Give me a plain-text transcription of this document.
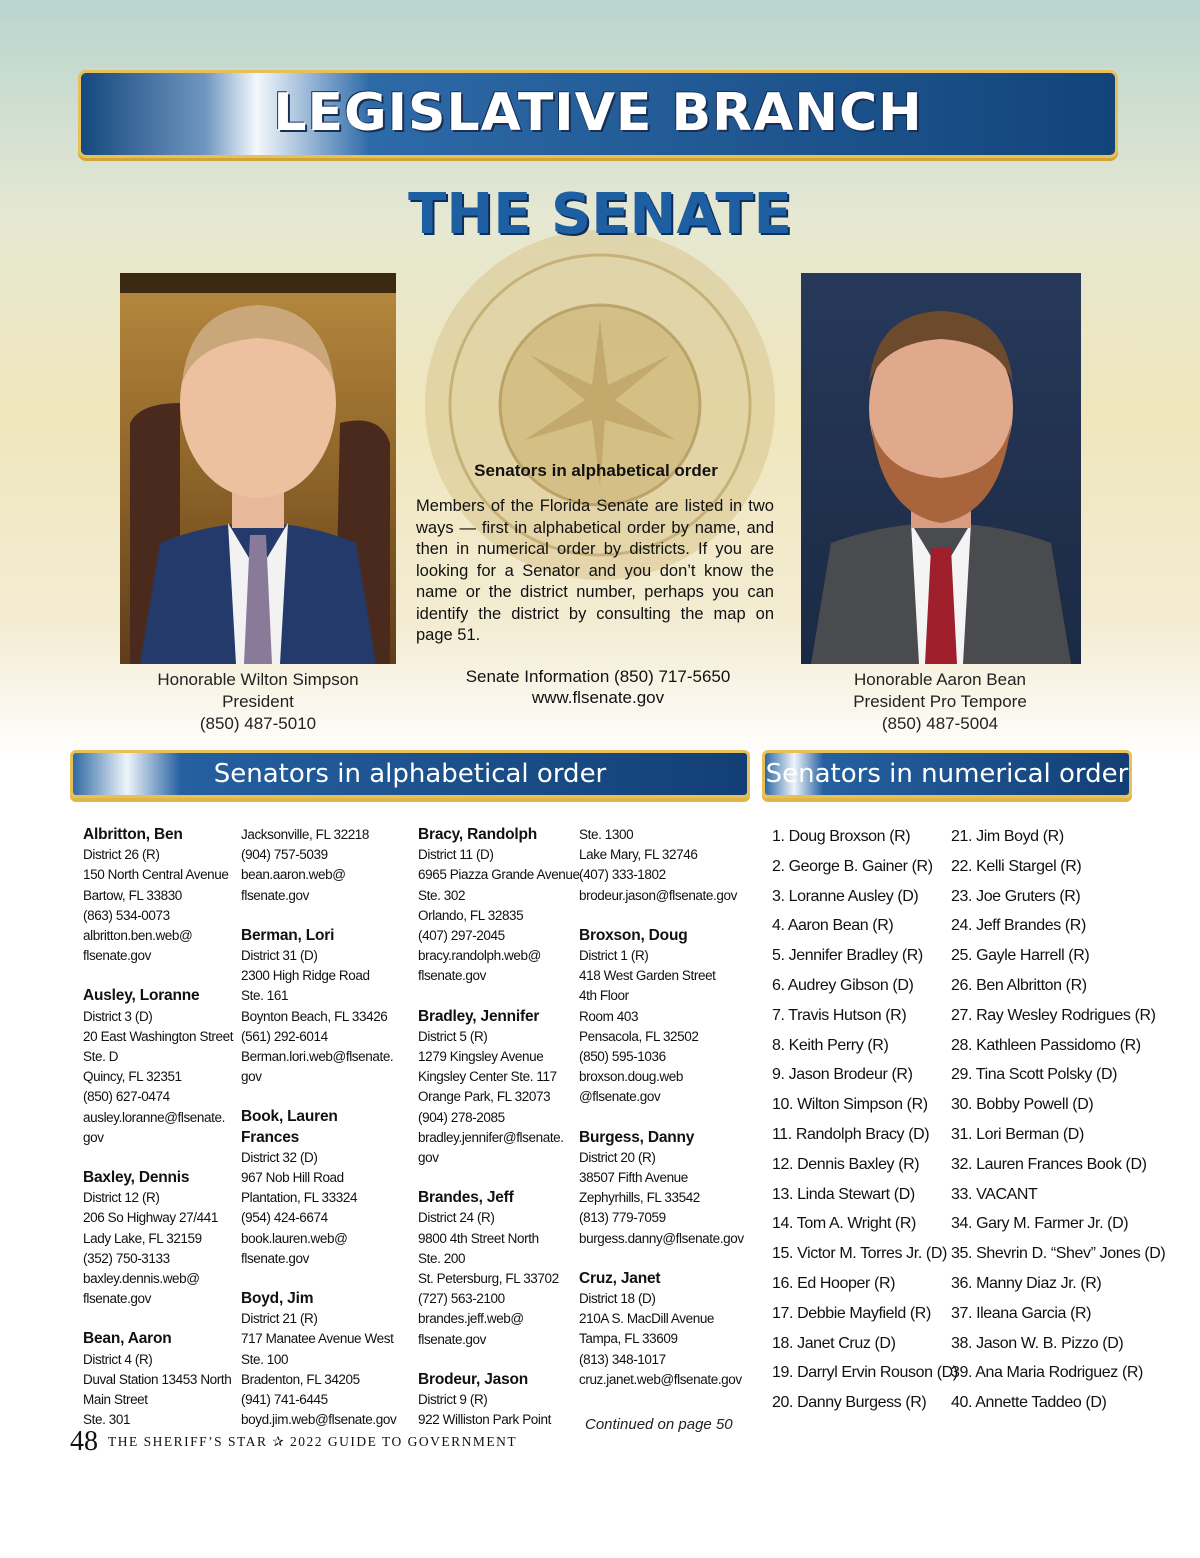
LEGISLATIVE BRANCH
THE SENATE
Honorable Wilton Simpson
President
(850) 487-5010
Honorable Aaron Bean
President Pro Tempore
(850) 487-5004
Senators in alphabetical order
Members of the Florida Senate are listed in two ways — first in alphabetical order by name, and then in numerical order by districts. If you are looking for a Senator and you don’t know the name or the district number, perhaps you can identify the district by consulting the map on page 51.
Senate Information (850) 717-5650
www.flsenate.gov
Senators in alphabetical order	Senators in numerical order
Albritton, Ben
District 26 (R)
150 North Central Avenue
Bartow, FL 33830
(863) 534-0073
albritton.ben.web@
flsenate.gov
Ausley, Loranne
District 3 (D)
20 East Washington Street
Ste. D
Quincy, FL 32351
(850) 627-0474
ausley.loranne@flsenate.
gov
Baxley, Dennis
District 12 (R)
206 So Highway 27/441
Lady Lake, FL 32159
(352) 750-3133
baxley.dennis.web@
flsenate.gov
Bean, Aaron
District 4 (R)
Duval Station 13453 North
Main Street
Ste. 301
Jacksonville, FL 32218
(904) 757-5039
bean.aaron.web@
flsenate.gov
Berman, Lori
District 31 (D)
2300 High Ridge Road
Ste. 161
Boynton Beach, FL 33426
(561) 292-6014
Berman.lori.web@flsenate.
gov
Book, Lauren Frances
District 32 (D)
967 Nob Hill Road
Plantation, FL 33324
(954) 424-6674
book.lauren.web@
flsenate.gov
Boyd, Jim
District 21 (R)
717 Manatee Avenue West
Ste. 100
Bradenton, FL 34205
(941) 741-6445
boyd.jim.web@flsenate.gov
Bracy, Randolph
District 11 (D)
6965 Piazza Grande Avenue
Ste. 302
Orlando, FL 32835
(407) 297-2045
bracy.randolph.web@
flsenate.gov
Bradley, Jennifer
District 5 (R)
1279 Kingsley Avenue
Kingsley Center Ste. 117
Orange Park, FL 32073
(904) 278-2085
bradley.jennifer@flsenate.
gov
Brandes, Jeff
District 24 (R)
9800 4th Street North
Ste. 200
St. Petersburg, FL 33702
(727) 563-2100
brandes.jeff.web@
flsenate.gov
Brodeur, Jason
District 9 (R)
922 Williston Park Point
Ste. 1300
Lake Mary, FL 32746
(407) 333-1802
brodeur.jason@flsenate.gov
Broxson, Doug
District 1 (R)
418 West Garden Street
4th Floor
Room 403
Pensacola, FL 32502
(850) 595-1036
broxson.doug.web
@flsenate.gov
Burgess, Danny
District 20 (R)
38507 Fifth Avenue
Zephyrhills, FL 33542
(813) 779-7059
burgess.danny@flsenate.gov
Cruz, Janet
District 18 (D)
210A S. MacDill Avenue
Tampa, FL 33609
(813) 348-1017
cruz.janet.web@flsenate.gov
1. Doug Broxson (R)
2. George B. Gainer (R)
3. Loranne Ausley (D)
4. Aaron Bean (R)
5. Jennifer Bradley (R)
6. Audrey Gibson (D)
7. Travis Hutson (R)
8. Keith Perry (R)
9. Jason Brodeur (R)
10. Wilton Simpson (R)
11. Randolph Bracy (D)
12. Dennis Baxley (R)
13. Linda Stewart (D)
14. Tom A. Wright (R)
15. Victor M. Torres Jr. (D)
16. Ed Hooper (R)
17. Debbie Mayfield (R)
18. Janet Cruz (D)
19. Darryl Ervin Rouson (D)
20. Danny Burgess (R)
21. Jim Boyd (R)
22. Kelli Stargel (R)
23. Joe Gruters (R)
24. Jeff Brandes (R)
25. Gayle Harrell (R)
26. Ben Albritton (R)
27. Ray Wesley Rodrigues (R)
28. Kathleen Passidomo (R)
29. Tina Scott Polsky (D)
30. Bobby Powell (D)
31. Lori Berman (D)
32. Lauren Frances Book (D)
33. VACANT
34. Gary M. Farmer Jr. (D)
35. Shevrin D. “Shev” Jones (D)
36. Manny Diaz Jr. (R)
37. Ileana Garcia (R)
38. Jason W. B. Pizzo (D)
39. Ana Maria Rodriguez (R)
40. Annette Taddeo (D)
Continued on page 50
48 THE SHERIFF’S STAR ✰ 2022 GUIDE TO GOVERNMENT
